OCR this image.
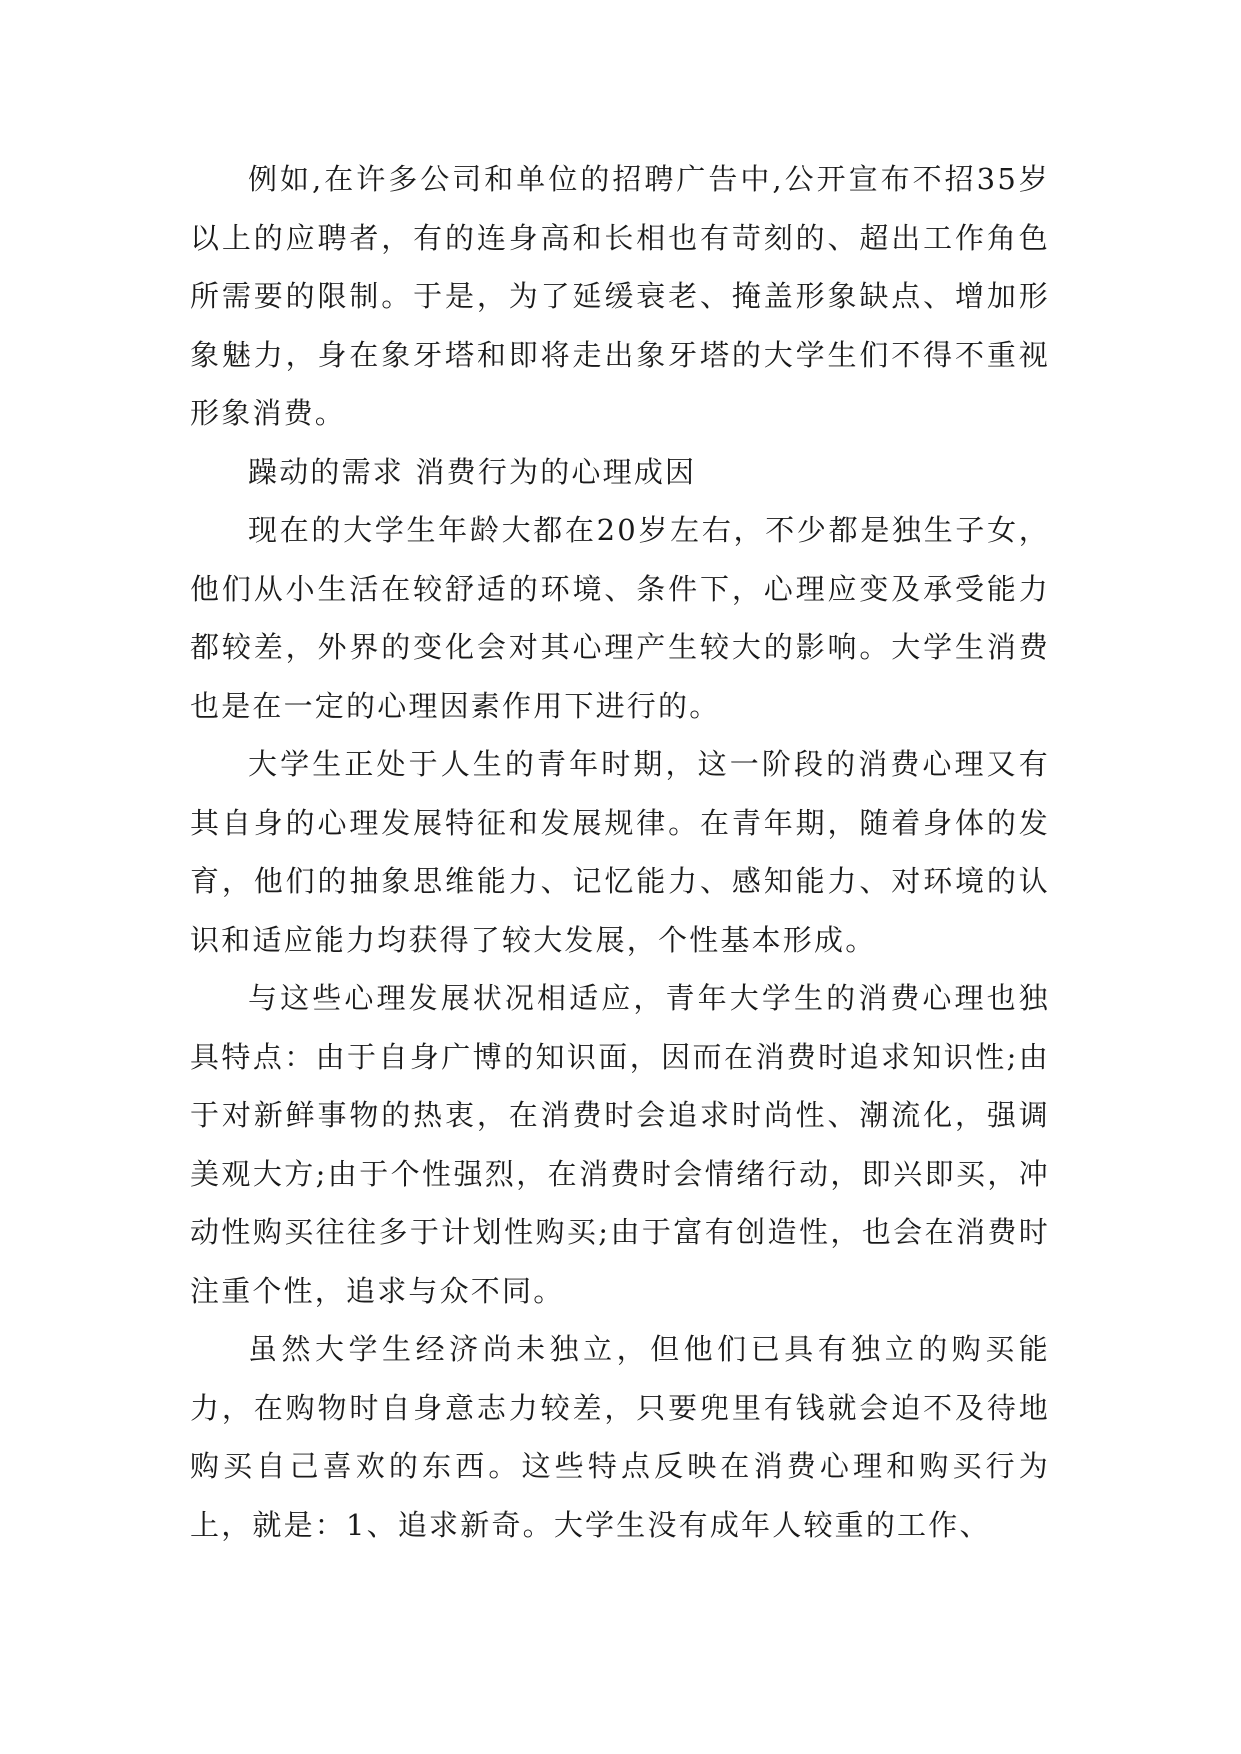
例如,在许多公司和单位的招聘广告中,公开宣布不招35岁以上的应聘者，有的连身高和长相也有苛刻的、超出工作角色所需要的限制。于是，为了延缓衰老、掩盖形象缺点、增加形象魅力，身在象牙塔和即将走出象牙塔的大学生们不得不重视形象消费。

躁动的需求 消费行为的心理成因

现在的大学生年龄大都在20岁左右，不少都是独生子女，他们从小生活在较舒适的环境、条件下，心理应变及承受能力都较差，外界的变化会对其心理产生较大的影响。大学生消费也是在一定的心理因素作用下进行的。

大学生正处于人生的青年时期，这一阶段的消费心理又有其自身的心理发展特征和发展规律。在青年期，随着身体的发育，他们的抽象思维能力、记忆能力、感知能力、对环境的认识和适应能力均获得了较大发展，个性基本形成。

与这些心理发展状况相适应，青年大学生的消费心理也独具特点：由于自身广博的知识面，因而在消费时追求知识性;由于对新鲜事物的热衷，在消费时会追求时尚性、潮流化，强调美观大方;由于个性强烈，在消费时会情绪行动，即兴即买，冲动性购买往往多于计划性购买;由于富有创造性，也会在消费时注重个性，追求与众不同。

虽然大学生经济尚未独立，但他们已具有独立的购买能力，在购物时自身意志力较差，只要兜里有钱就会迫不及待地购买自己喜欢的东西。这些特点反映在消费心理和购买行为上，就是：1、追求新奇。大学生没有成年人较重的工作、
